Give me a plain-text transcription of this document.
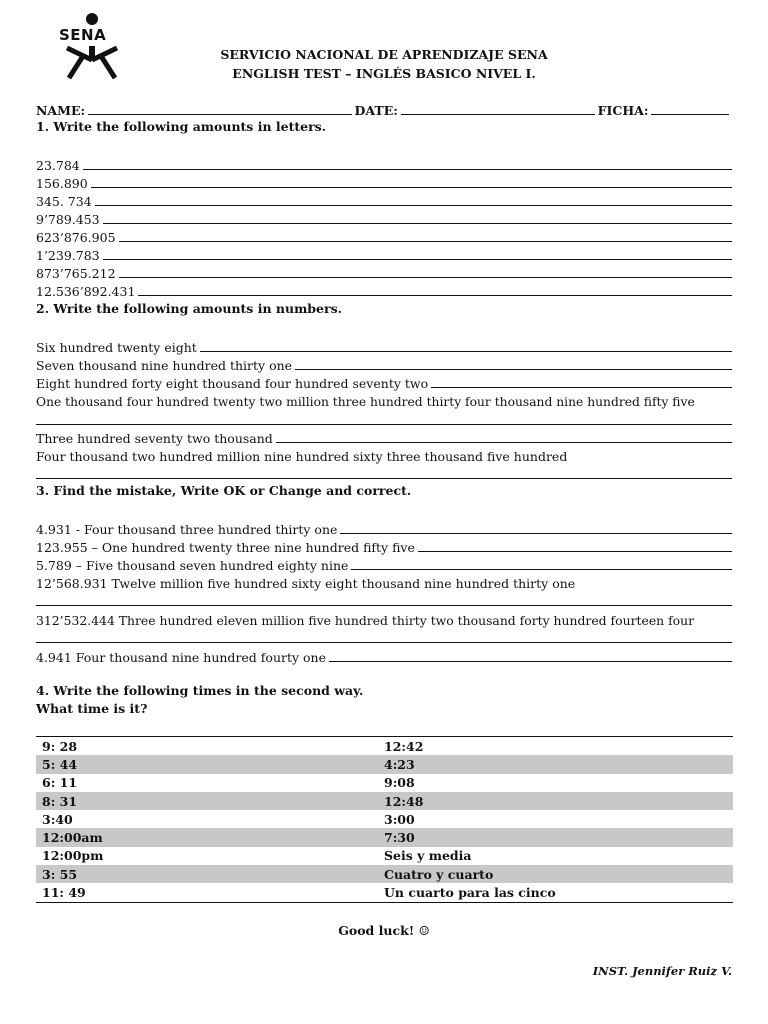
SENA
SERVICIO NACIONAL DE APRENDIZAJE SENA
ENGLISH TEST – INGLÉS BASICO NIVEL I.
NAME:	DATE:	FICHA:
1. Write the following amounts in letters.
23.784
156.890
345. 734
9’789.453
623’876.905
1’239.783
873’765.212
12.536’892.431
2. Write the following amounts in numbers.
Six hundred twenty eight
Seven thousand nine hundred thirty one
Eight hundred forty eight thousand four hundred seventy two
One thousand four hundred twenty two million three hundred thirty four thousand nine hundred fifty five
Three hundred seventy two thousand
Four thousand two hundred million nine hundred sixty three thousand five hundred
3. Find the mistake, Write OK or Change and correct.
4.931 - Four thousand three hundred thirty one
123.955 – One hundred twenty three nine hundred fifty five
5.789 – Five thousand seven hundred eighty nine
12’568.931 Twelve million five hundred sixty eight thousand nine hundred thirty one
312’532.444 Three hundred eleven million five hundred thirty two thousand forty hundred fourteen four
4.941 Four thousand nine hundred fourty one
4. Write the following times in the second way.
What time is it?
9: 28	12:42
5: 44	4:23
6: 11	9:08
8: 31	12:48
3:40	3:00
12:00am	7:30
12:00pm	Seis y media
3: 55	Cuatro y cuarto
11: 49	Un cuarto para las cinco
Good luck! ☺
INST. Jennifer Ruiz V.
